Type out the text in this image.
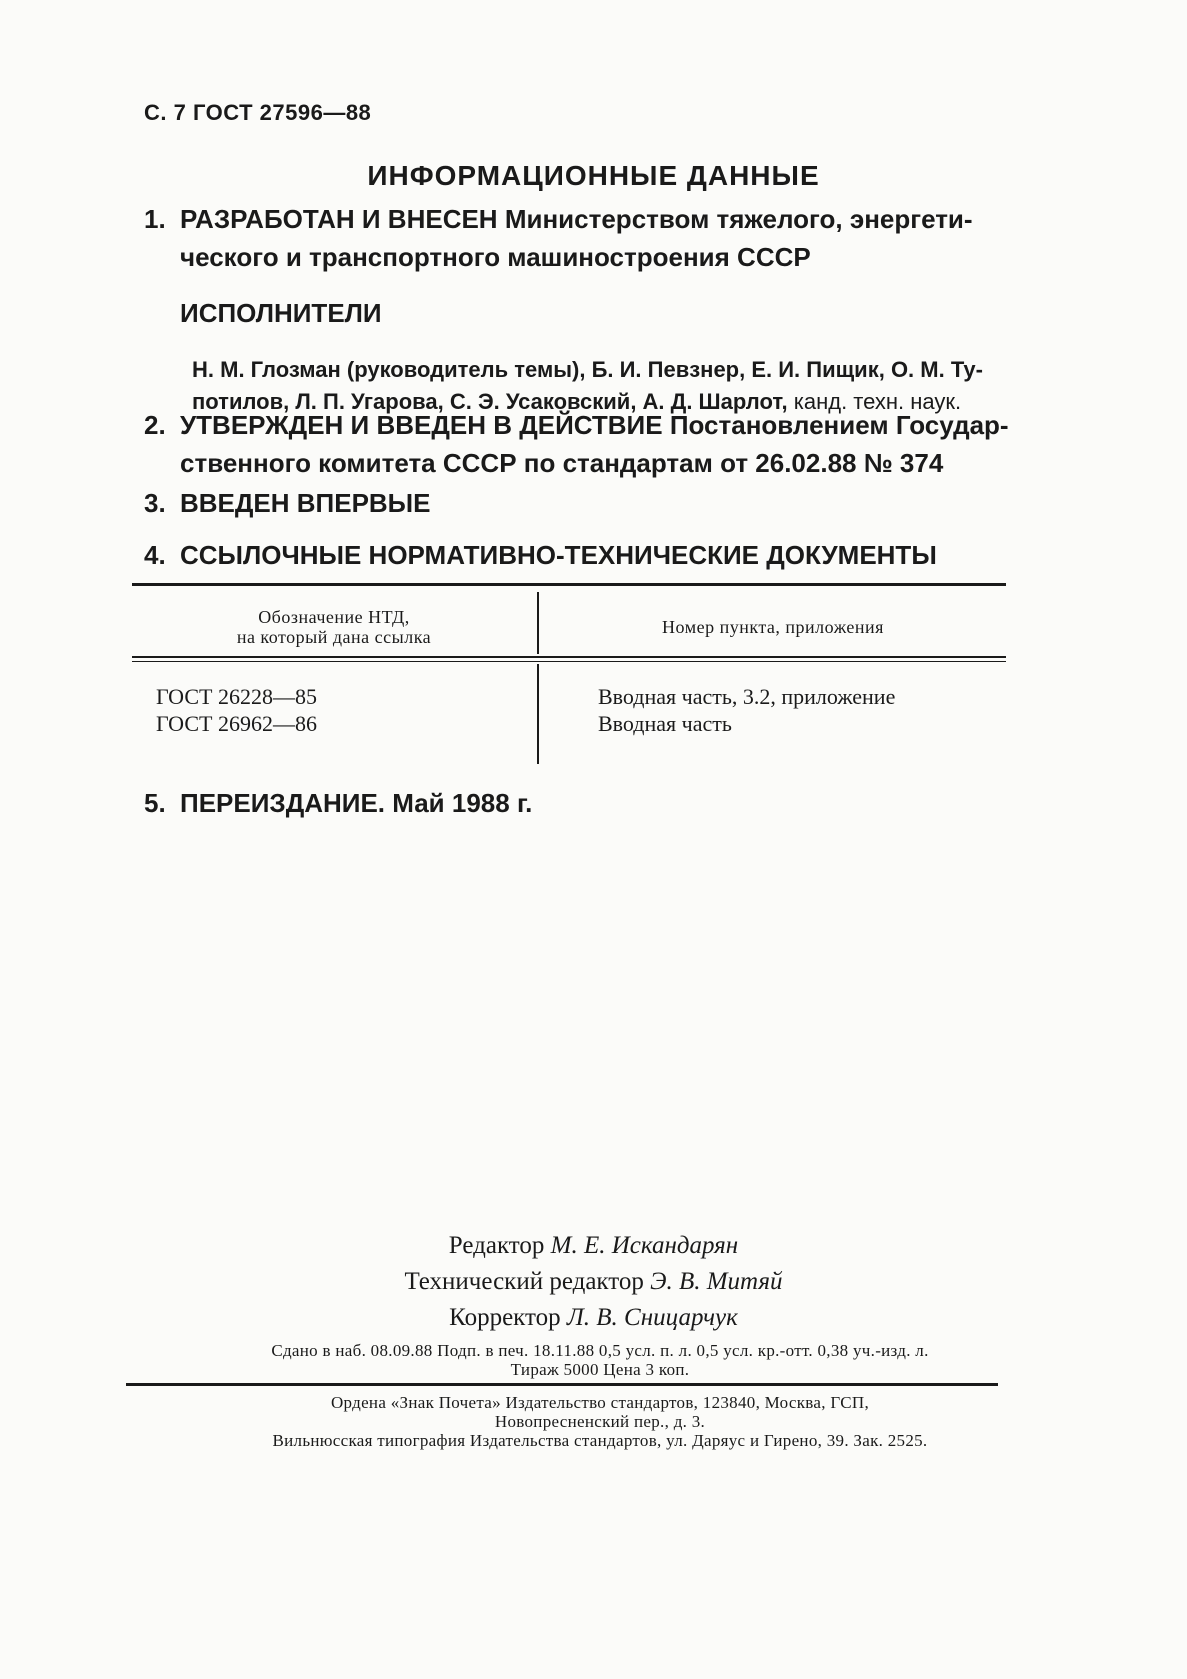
С. 7 ГОСТ 27596—88
ИНФОРМАЦИОННЫЕ ДАННЫЕ
1. РАЗРАБОТАН И ВНЕСЕН Министерством тяжелого, энергети-
ческого и транспортного машиностроения СССР
ИСПОЛНИТЕЛИ
Н. М. Глозман (руководитель темы), Б. И. Певзнер, Е. И. Пищик, О. М. Ту-
потилов, Л. П. Угарова, С. Э. Усаковский, А. Д. Шарлот, канд. техн. наук.
2. УТВЕРЖДЕН И ВВЕДЕН В ДЕЙСТВИЕ Постановлением Государ-
ственного комитета СССР по стандартам от 26.02.88 № 374
3. ВВЕДЕН ВПЕРВЫЕ
4. ССЫЛОЧНЫЕ НОРМАТИВНО-ТЕХНИЧЕСКИЕ ДОКУМЕНТЫ
Обозначение НТД,
на который дана ссылка	Номер пункта, приложения
ГОСТ 26228—85
ГОСТ 26962—86
Вводная часть, 3.2, приложение
Вводная часть
5. ПЕРЕИЗДАНИЕ. Май 1988 г.
Редактор М. Е. Искандарян
Технический редактор Э. В. Митяй
Корректор Л. В. Сницарчук
Сдано в наб. 08.09.88 Подп. в печ. 18.11.88 0,5 усл. п. л. 0,5 усл. кр.-отт. 0,38 уч.-изд. л.
Тираж 5000 Цена 3 коп.
Ордена «Знак Почета» Издательство стандартов, 123840, Москва, ГСП,
Новопресненский пер., д. 3.
Вильнюсская типография Издательства стандартов, ул. Даряус и Гирено, 39. Зак. 2525.
